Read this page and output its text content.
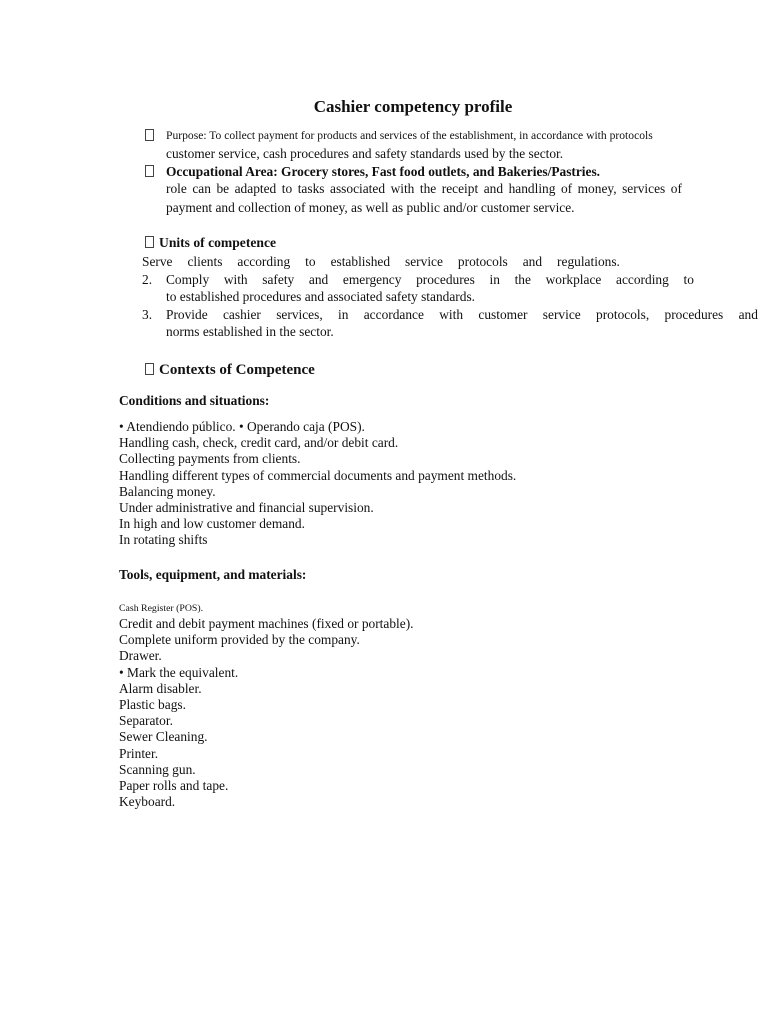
Cashier competency profile
Purpose: To collect payment for products and services of the establishment, in accordance with protocols
customer service, cash procedures and safety standards used by the sector.
Occupational Area: Grocery stores, Fast food outlets, and Bakeries/Pastries.
role can be adapted to tasks associated with the receipt and handling of money, services of
payment and collection of money, as well as public and/or customer service.
Units of competence
Serve clients according to established service protocols and regulations.
2. Comply with safety and emergency procedures in the workplace according to
to established procedures and associated safety standards.
3. Provide cashier services, in accordance with customer service protocols, procedures and
norms established in the sector.
Contexts of Competence
Conditions and situations:
• Atendiendo público. • Operando caja (POS).
Handling cash, check, credit card, and/or debit card.
Collecting payments from clients.
Handling different types of commercial documents and payment methods.
Balancing money.
Under administrative and financial supervision.
In high and low customer demand.
In rotating shifts
Tools, equipment, and materials:
Cash Register (POS).
Credit and debit payment machines (fixed or portable).
Complete uniform provided by the company.
Drawer.
• Mark the equivalent.
Alarm disabler.
Plastic bags.
Separator.
Sewer Cleaning.
Printer.
Scanning gun.
Paper rolls and tape.
Keyboard.
